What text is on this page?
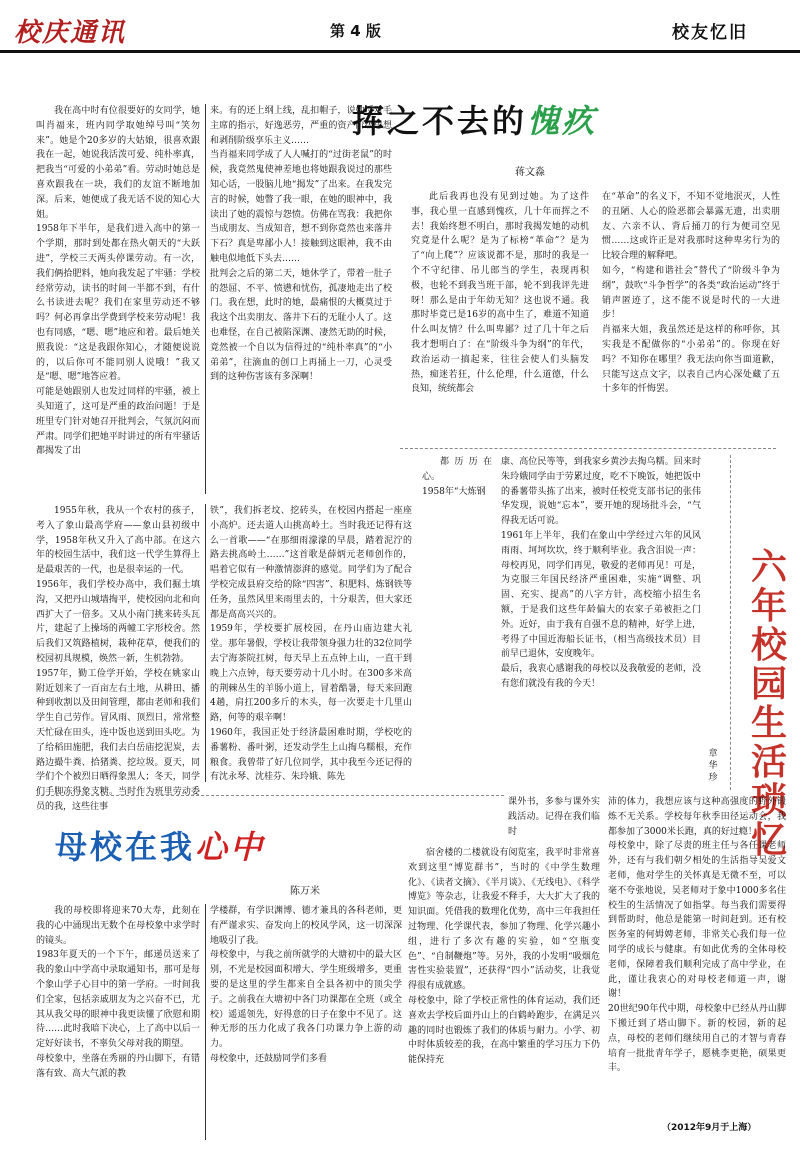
校庆通讯	第 4 版	校友忆旧
挥之不去的愧疚
蒋文淼
我在高中时有位很要好的女同学，她叫肖福来，班内同学取她绰号叫“笑勿来”。她是个20多岁的大姑娘，很喜欢跟我在一起，她说我活泼可爱、纯朴率真，把我当“可爱的小弟弟”看。劳动时她总是喜欢跟我在一块，我们的友谊不断地加深。后来，她便成了我无话不说的知心大姐。
1958年下半年，是我们进入高中的第一个学期，那时到处都在热火朝天的“大跃进”，学校三天两头停课劳动。有一次，我们俩拾肥料，她向我发起了牢骚：学校经常劳动，读书的时间一半都不到，有什么书读进去呢？我们在家里劳动还不够吗？何必再拿出学费到学校来劳动呢！我也有同感，“嗯、嗯”地应和着。最后她关照我说：“这是我跟你知心，才随便说说的，以后你可不能同别人说哦！”我又是“嗯、嗯”地答应着。
可能是她跟别人也发过同样的牢骚，被上头知道了，这可是严重的政治问题！于是班里专门针对她召开批判会，气氛沉闷而严肃。同学们把她平时讲过的所有牢骚话都揭发了出
来。有的还上纲上线，乱扣帽子，说她反对毛主席的指示，好逸恶劳，严重的资产阶级思想和剥削阶级享乐主义……
当肖福来同学成了人人喊打的“过街老鼠”的时候，我竟然鬼使神差地也将她跟我说过的那些知心话，一股脑儿地“揭发”了出来。在我发完言的时候，她瞥了我一眼，在她的眼神中，我读出了她的震惊与怨愤。仿佛在骂我：我把你当成朋友、当成知音，想不到你竟然也来落井下石？真是卑鄙小人！接触到这眼神，我不由触电似地低下头去……
批判会之后的第二天，她休学了，带着一肚子的怨屈、不平、愤懑和忧伤，孤凄地走出了校门。我在想，此时的她，最痛恨的大概莫过于我这个出卖朋友、落井下石的无耻小人了。这也难怪，在自己被陷深渊、凄然无助的时候，竟然被一个自以为信得过的“纯朴率真”的“小弟弟”，往滴血的创口上再捅上一刀，心灵受到的这种伤害该有多深啊！
此后我再也没有见到过她。为了这件事，我心里一直感到愧疚，几十年而挥之不去！我始终想不明白，那时我揭发她的动机究竟是什么呢？是为了标榜“革命”？是为了“向上爬”？应该说都不是，那时的我是一个不守纪律、吊儿郎当的学生，表现再积极，也轮不到我当班干部，轮不到我评先进呀！那么是由于年幼无知？这也说不通。我那时毕竟已是16岁的高中生了，难道不知道什么叫友情？什么叫卑鄙？过了几十年之后我才想明白了：在“阶级斗争为纲”的年代，政治运动一搞起来，往往会使人们头脑发热，痴迷若狂，什么伦理，什么道德，什么良知，统统都会
在“革命”的名义下，不知不觉地泯灭，人性的丑陋、人心的险恶都会暴露无遗，出卖朋友、六亲不认、背后捅刀的行为便司空见惯……这或许正是对我那时这种卑劣行为的比较合理的解释吧。
如今，“构建和谐社会”替代了“阶级斗争为纲”，鼓吹“斗争哲学”的各类“政治运动”终于销声匿迹了，这不能不说是时代的一大进步！
肖福来大姐，我虽然还是这样的称呼你，其实我是不配做你的“小弟弟”的。你现在好吗？不知你在哪里？我无法向你当面道歉，只能写这点文字，以表自己内心深处藏了五十多年的忏悔罢。
1955年秋，我从一个农村的孩子，考入了象山最高学府——象山县初级中学，1958年秋又升入了高中部。在这六年的校园生活中，我们这一代学生算得上是最艰苦的一代，也是很幸运的一代。
1956年，我们学校办高中，我们掘土填沟，又把丹山城墙掏平，使校园向北和向西扩大了一倍多。又从小南门挑来砖头瓦片，建起了上操场的两幢工字形校舍。然后我们又筑路植树，栽种花草，便我们的校园初具规模，焕然一新，生机勃勃。
1957年，勤工俭学开始，学校在姚家山附近划来了一百亩左右土地，从耕田、播种到收割以及田间管理，都由老师和我们学生自己劳作。冒风雨、顶烈日，常常整天忙碌在田头，连中饭也送到田头吃。为了给稻田施肥，我们去白岳庙挖泥炭，去路边撮牛粪、拾猪粪、挖垃圾。夏天，同学们个个被烈日晒得象黑人；冬天，同学们手脚冻得象支糖。当时作为班里劳动委员的我，这些往事
铁”，我们拆老坟、挖砖头，在校园内搭起一座座小高炉。还去道人山挑高岭土。当时我还记得有这么一首歌——“在那细雨濛濛的早晨，踏着泥泞的路去挑高岭土……”这首歌是薛炳元老师创作的，唱着它似有一种激情澎湃的感觉。同学们为了配合学校完成县府交给的除“四害”、积肥料、炼钢铁等任务，虽然风里来雨里去的，十分艰苦，但大家还都是高高兴兴的。
1959年，学校要扩展校园，在丹山庙边建大礼堂。那年暑假，学校让我带领身强力壮的32位同学去宁海茶院扛树，每天早上五点钟上山，一直干到晚上六点钟，每天要劳动十几小时。在300多米高的荆棘丛生的羊肠小道上，冒着酷暑，每天来回跑4趟，肩扛200多斤的木头，每一次要走十几里山路，何等的艰辛啊！
1960年，我国正处于经济最困难时期，学校吃的番薯粉、番叶粥，还发动学生上山掏乌糯根，充作粮食。我曾带了好几位同学，其中我至今还记得的有沈永琴、沈桂芬、朱玲娥、陈先
都历历在心。
1958年“大炼钢
康、高位民等等，到我家乡黄沙去掏乌糯。回来时朱玲娥同学由于劳累过度，吃不下晚饭，她把饭中的番薯带头拣了出来，被时任校党支部书记的张伟华发现，说她“忘本”，要开她的现场批斗会，“气得我无话可说。
1961年上半年，我们在象山中学经过六年的风风雨雨、坷坷坎坎，终于顺利毕业。我含泪说一声：母校再见，同学们再见，敬爱的老师再见！可是，为克服三年国民经济严重困难，实施“调整、巩固、充实、提高”的八字方针，高校缩小招生名额，于是我们这些年龄偏大的农家子弟被拒之门外。近好，由于我有自强不息的精神，好学上进，考得了中国近海船长证书，（相当高级技术员）目前早已退休，安度晚年。
最后，我衷心感谢我的母校以及我敬爱的老师，没有您们就没有我的今天！
六年校园生活琐忆
章华珍
母校在我心中
陈万米
我的母校即将迎来70大寿，此刻在我的心中涌现出无数个在母校象中求学时的镜头。
1983年夏天的一个下午，邮递员送来了我的象山中学高中录取通知书，那可是每个象山学子心目中的第一学府。一时间我们全家，包括亲戚朋友为之兴奋不已，尤其从我父母的眼神中我更读懂了欣慰和期待……此时我暗下决心，上了高中以后一定好好读书，不辜负父母对我的期望。
母校象中，坐落在秀丽的丹山脚下，有错落有致、高大气派的教
学楼群，有学识渊博、德才兼具的各科老师，更有严谨求实、奋发向上的校风学风，这一切深深地吸引了我。
母校象中，与我之前所就学的大塘初中的最大区别，不光是校园面积增大、学生班级增多，更重要的是这里的学生都来自全县各初中的顶尖学子。之前我在大塘初中各门功课都在全班（或全校）遥遥领先，好得意的日子在象中不见了。这种无形的压力化成了我各门功课力争上游的动力。
母校象中，还鼓励同学们多看
课外书，多参与课外实践活动。记得在我们临时
宿舍楼的二楼就设有阅览室，我平时非常喜欢到这里“博览群书”，当时的《中学生数理化》、《读者文摘》、《半月谈》、《无线电》、《科学博览》等杂志，让我爱不释手，大大扩大了我的知识面。凭借我的数理化优势，高中三年我担任过物理、化学课代表，参加了物理、化学兴趣小组，进行了多次有趣的实验，如“空瓶变色”、“自制鞭炮”等。另外，我的小发明“吸烟危害性实验装置”，还获得“四小”活动奖，让我觉得很有成就感。
母校象中，除了学校正常性的体育运动，我们还喜欢去学校后面丹山上的白鹤岭跑步，在满足兴趣的同时也锻炼了我们的体质与耐力。小学、初中时体质较差的我，在高中繁重的学习压力下仍能保持充
沛的体力，我想应该与这种高强度的野外锻炼不无关系。学校每年秋季田径运动会，我都参加了3000米长跑，真的好过瘾！
母校象中，除了尽责的班主任与各任课老师外，还有与我们朝夕相处的生活指导吴爱文老师，他对学生的关怀真是无微不至，可以毫不夸张地说，吴老师对于象中1000多名住校生的生活情况了如指掌。每当我们需要得到帮助时，他总是能第一时间赶到。还有校医务室的何姆娉老师，非常关心我们每一位同学的成长与健康。有如此优秀的全体母校老师，保障着我们顺利完成了高中学业，在此，谨让我衷心的对母校老师道一声，谢谢！
20世纪90年代中期，母校象中已经从丹山脚下搬迁到了塔山脚下。新的校园，新的起点，母校的老师们继续用自己的才智与青春培育一批批青年学子，愿桃李更艳，硕果更丰。
（2012年9月于上海）
